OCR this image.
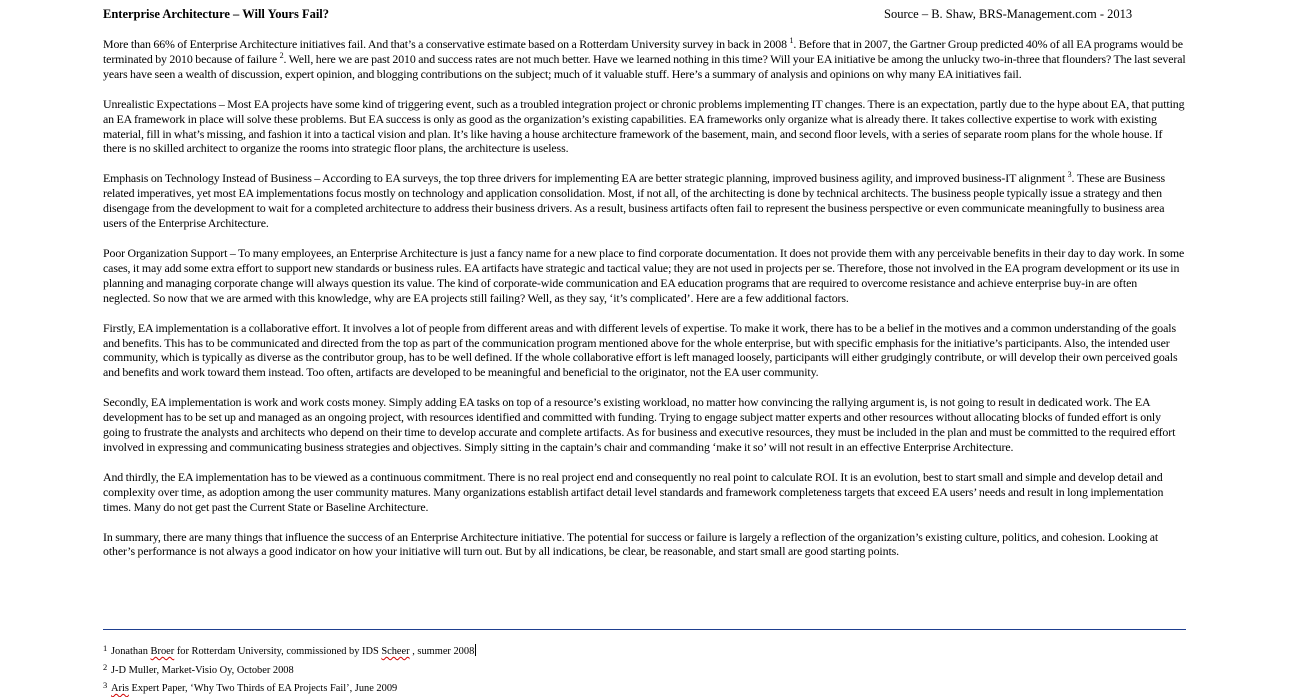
Enterprise Architecture – Will Yours Fail?	Source – B. Shaw, BRS-Management.com - 2013

More than 66% of Enterprise Architecture initiatives fail. And that’s a conservative estimate based on a Rotterdam University survey in back in 2008 $^1$. Before that in 2007, the Gartner Group predicted 40% of all EA programs would be terminated by 2010 because of failure $^2$. Well, here we are past 2010 and success rates are not much better. Have we learned nothing in this time? Will your EA initiative be among the unlucky two-in-three that flounders? The last several years have seen a wealth of discussion, expert opinion, and blogging contributions on the subject; much of it valuable stuff. Here’s a summary of analysis and opinions on why many EA initiatives fail.

Unrealistic Expectations – Most EA projects have some kind of triggering event, such as a troubled integration project or chronic problems implementing IT changes. There is an expectation, partly due to the hype about EA, that putting an EA framework in place will solve these problems. But EA success is only as good as the organization’s existing capabilities. EA frameworks only organize what is already there. It takes collective expertise to work with existing material, fill in what’s missing, and fashion it into a tactical vision and plan. It’s like having a house architecture framework of the basement, main, and second floor levels, with a series of separate room plans for the whole house. If there is no skilled architect to organize the rooms into strategic floor plans, the architecture is useless.

Emphasis on Technology Instead of Business – According to EA surveys, the top three drivers for implementing EA are better strategic planning, improved business agility, and improved business-IT alignment $^3$. These are Business related imperatives, yet most EA implementations focus mostly on technology and application consolidation. Most, if not all, of the architecting is done by technical architects. The business people typically issue a strategy and then disengage from the development to wait for a completed architecture to address their business drivers. As a result, business artifacts often fail to represent the business perspective or even communicate meaningfully to business area users of the Enterprise Architecture.

Poor Organization Support – To many employees, an Enterprise Architecture is just a fancy name for a new place to find corporate documentation. It does not provide them with any perceivable benefits in their day to day work. In some cases, it may add some extra effort to support new standards or business rules. EA artifacts have strategic and tactical value; they are not used in projects per se. Therefore, those not involved in the EA program development or its use in planning and managing corporate change will always question its value. The kind of corporate-wide communication and EA education programs that are required to overcome resistance and achieve enterprise buy-in are often neglected. So now that we are armed with this knowledge, why are EA projects still failing? Well, as they say, ‘it’s complicated’. Here are a few additional factors.

Firstly, EA implementation is a collaborative effort. It involves a lot of people from different areas and with different levels of expertise. To make it work, there has to be a belief in the motives and a common understanding of the goals and benefits. This has to be communicated and directed from the top as part of the communication program mentioned above for the whole enterprise, but with specific emphasis for the initiative’s participants. Also, the intended user community, which is typically as diverse as the contributor group, has to be well defined. If the whole collaborative effort is left managed loosely, participants will either grudgingly contribute, or will develop their own perceived goals and benefits and work toward them instead. Too often, artifacts are developed to be meaningful and beneficial to the originator, not the EA user community.

Secondly, EA implementation is work and work costs money. Simply adding EA tasks on top of a resource’s existing workload, no matter how convincing the rallying argument is, is not going to result in dedicated work. The EA development has to be set up and managed as an ongoing project, with resources identified and committed with funding. Trying to engage subject matter experts and other resources without allocating blocks of funded effort is only going to frustrate the analysts and architects who depend on their time to develop accurate and complete artifacts. As for business and executive resources, they must be included in the plan and must be committed to the required effort involved in expressing and communicating business strategies and objectives. Simply sitting in the captain’s chair and commanding ‘make it so’ will not result in an effective Enterprise Architecture.

And thirdly, the EA implementation has to be viewed as a continuous commitment. There is no real project end and consequently no real point to calculate ROI. It is an evolution, best to start small and simple and develop detail and complexity over time, as adoption among the user community matures. Many organizations establish artifact detail level standards and framework completeness targets that exceed EA users’ needs and result in long implementation times. Many do not get past the Current State or Baseline Architecture.

In summary, there are many things that influence the success of an Enterprise Architecture initiative. The potential for success or failure is largely a reflection of the organization’s existing culture, politics, and cohesion. Looking at other’s performance is not always a good indicator on how your initiative will turn out. But by all indications, be clear, be reasonable, and start small are good starting points.

1 Jonathan Broer for Rotterdam University, commissioned by IDS Scheer , summer 2008
2 J-D Muller, Market-Visio Oy, October 2008
3 Aris Expert Paper, ‘Why Two Thirds of EA Projects Fail’, June 2009
